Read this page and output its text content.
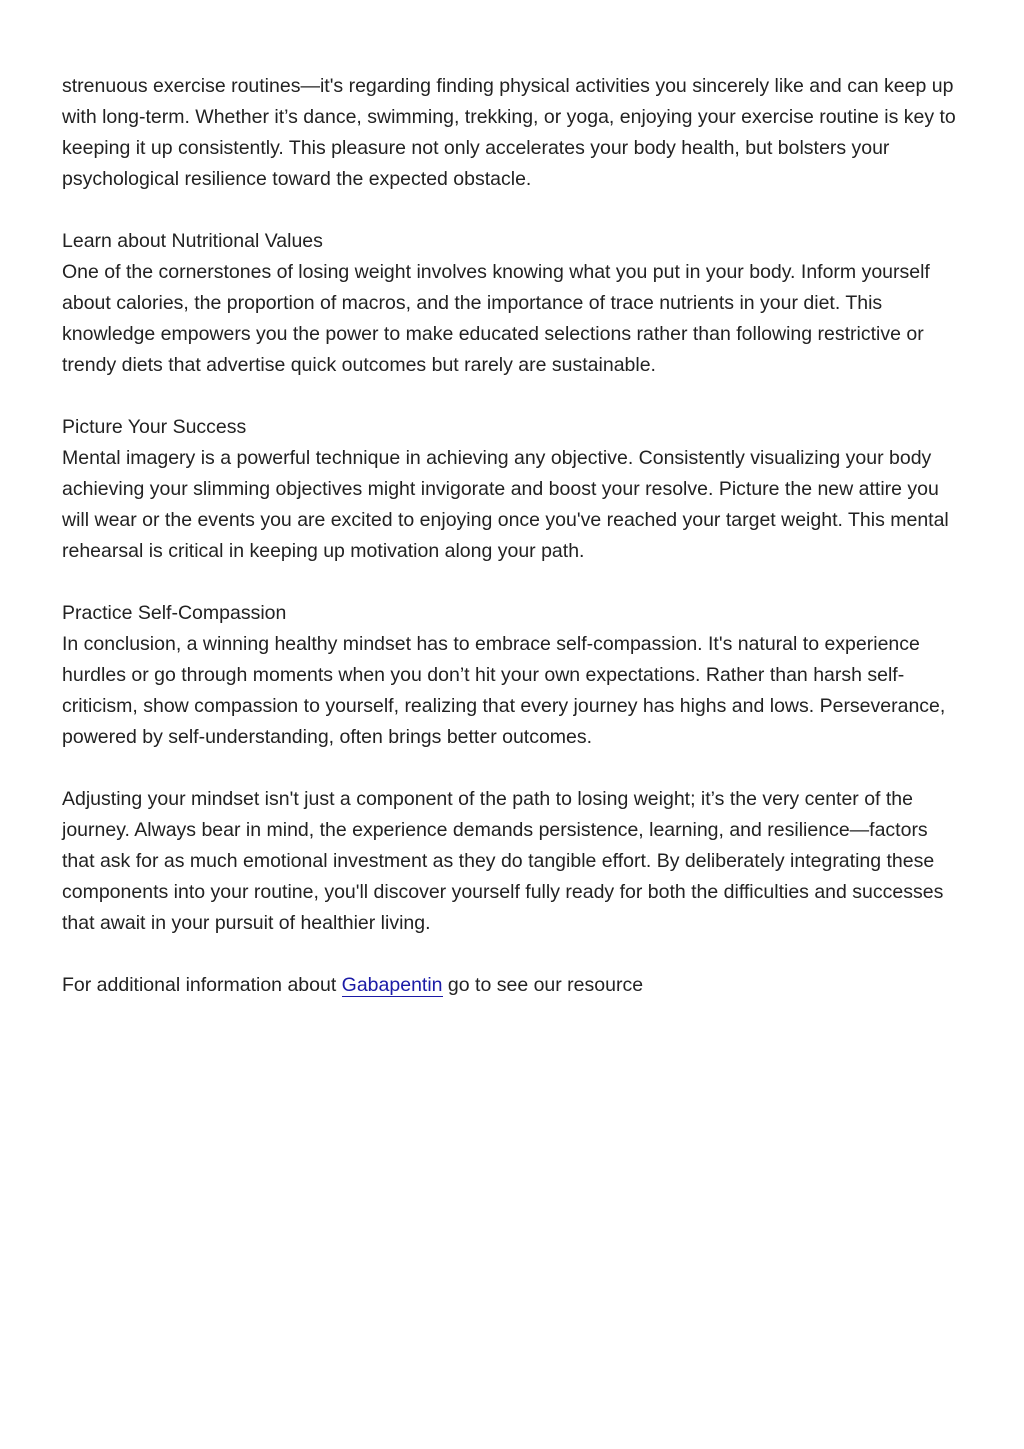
strenuous exercise routines—it's regarding finding physical activities you sincerely like and can keep up with long-term. Whether it’s dance, swimming, trekking, or yoga, enjoying your exercise routine is key to keeping it up consistently. This pleasure not only accelerates your body health, but bolsters your psychological resilience toward the expected obstacle.

Learn about Nutritional Values
One of the cornerstones of losing weight involves knowing what you put in your body. Inform yourself about calories, the proportion of macros, and the importance of trace nutrients in your diet. This knowledge empowers you the power to make educated selections rather than following restrictive or trendy diets that advertise quick outcomes but rarely are sustainable.
Picture Your Success
Mental imagery is a powerful technique in achieving any objective. Consistently visualizing your body achieving your slimming objectives might invigorate and boost your resolve. Picture the new attire you will wear or the events you are excited to enjoying once you've reached your target weight. This mental rehearsal is critical in keeping up motivation along your path.
Practice Self-Compassion
In conclusion, a winning healthy mindset has to embrace self-compassion. It's natural to experience hurdles or go through moments when you don’t hit your own expectations. Rather than harsh self-criticism, show compassion to yourself, realizing that every journey has highs and lows. Perseverance, powered by self-understanding, often brings better outcomes.

Adjusting your mindset isn't just a component of the path to losing weight; it’s the very center of the journey. Always bear in mind, the experience demands persistence, learning, and resilience—factors that ask for as much emotional investment as they do tangible effort. By deliberately integrating these components into your routine, you'll discover yourself fully ready for both the difficulties and successes that await in your pursuit of healthier living.

For additional information about Gabapentin go to see our resource
